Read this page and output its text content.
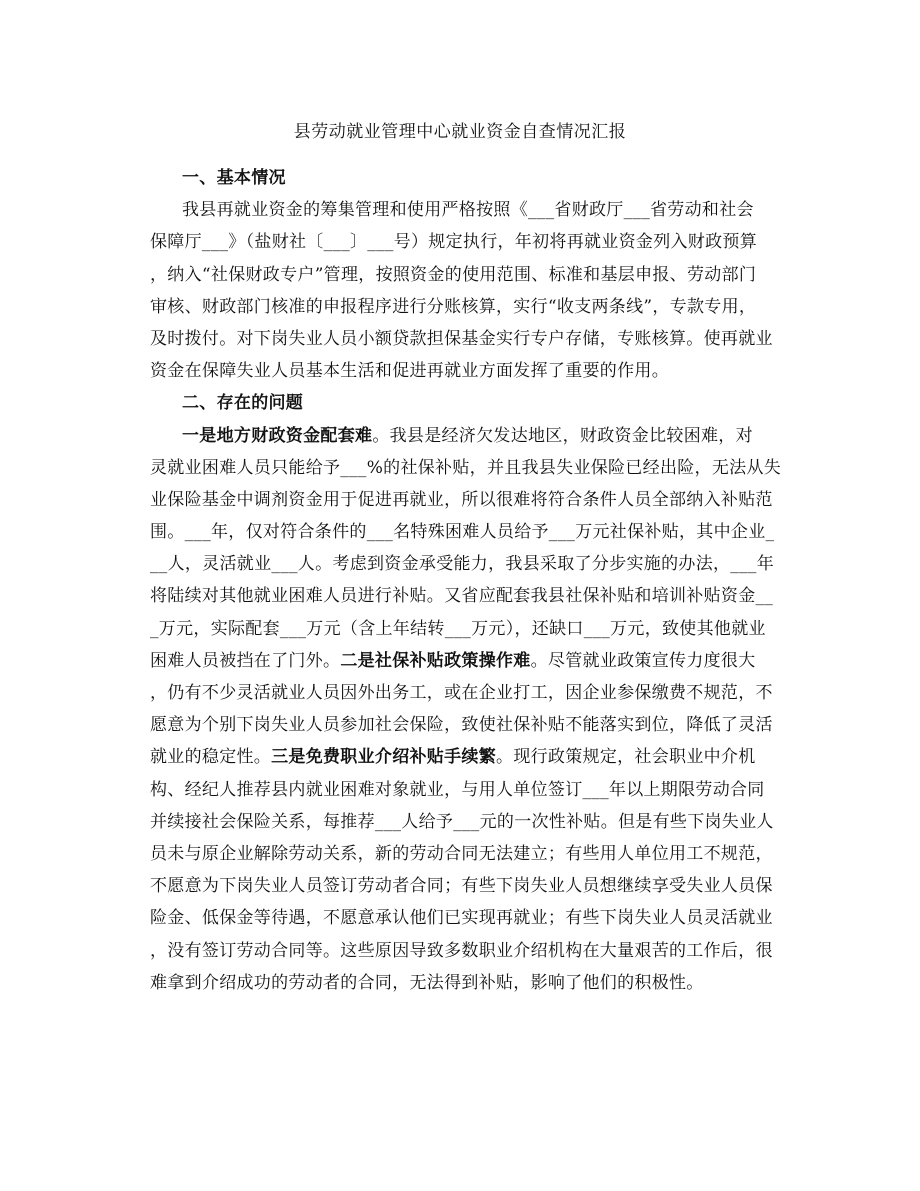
县劳动就业管理中心就业资金自查情况汇报
一、基本情况
我县再就业资金的筹集管理和使用严格按照《___省财政厅___省劳动和社会
保障厅___》（盐财社〔___〕___号）规定执行，年初将再就业资金列入财政预算
，纳入“社保财政专户”管理，按照资金的使用范围、标准和基层申报、劳动部门
审核、财政部门核准的申报程序进行分账核算，实行“收支两条线”，专款专用，
及时拨付。对下岗失业人员小额贷款担保基金实行专户存储，专账核算。使再就业
资金在保障失业人员基本生活和促进再就业方面发挥了重要的作用。
二、存在的问题
一是地方财政资金配套难。我县是经济欠发达地区，财政资金比较困难，对
灵就业困难人员只能给予___%的社保补贴，并且我县失业保险已经出险，无法从失
业保险基金中调剂资金用于促进再就业，所以很难将符合条件人员全部纳入补贴范
围。___年，仅对符合条件的___名特殊困难人员给予___万元社保补贴，其中企业_
__人，灵活就业___人。考虑到资金承受能力，我县采取了分步实施的办法，___年
将陆续对其他就业困难人员进行补贴。又省应配套我县社保补贴和培训补贴资金__
_万元，实际配套___万元（含上年结转___万元），还缺口___万元，致使其他就业
困难人员被挡在了门外。二是社保补贴政策操作难。尽管就业政策宣传力度很大
，仍有不少灵活就业人员因外出务工，或在企业打工，因企业参保缴费不规范，不
愿意为个别下岗失业人员参加社会保险，致使社保补贴不能落实到位，降低了灵活
就业的稳定性。三是免费职业介绍补贴手续繁。现行政策规定，社会职业中介机
构、经纪人推荐县内就业困难对象就业，与用人单位签订___年以上期限劳动合同
并续接社会保险关系，每推荐___人给予___元的一次性补贴。但是有些下岗失业人
员未与原企业解除劳动关系，新的劳动合同无法建立；有些用人单位用工不规范，
不愿意为下岗失业人员签订劳动者合同；有些下岗失业人员想继续享受失业人员保
险金、低保金等待遇，不愿意承认他们已实现再就业；有些下岗失业人员灵活就业
，没有签订劳动合同等。这些原因导致多数职业介绍机构在大量艰苦的工作后，很
难拿到介绍成功的劳动者的合同，无法得到补贴，影响了他们的积极性。
